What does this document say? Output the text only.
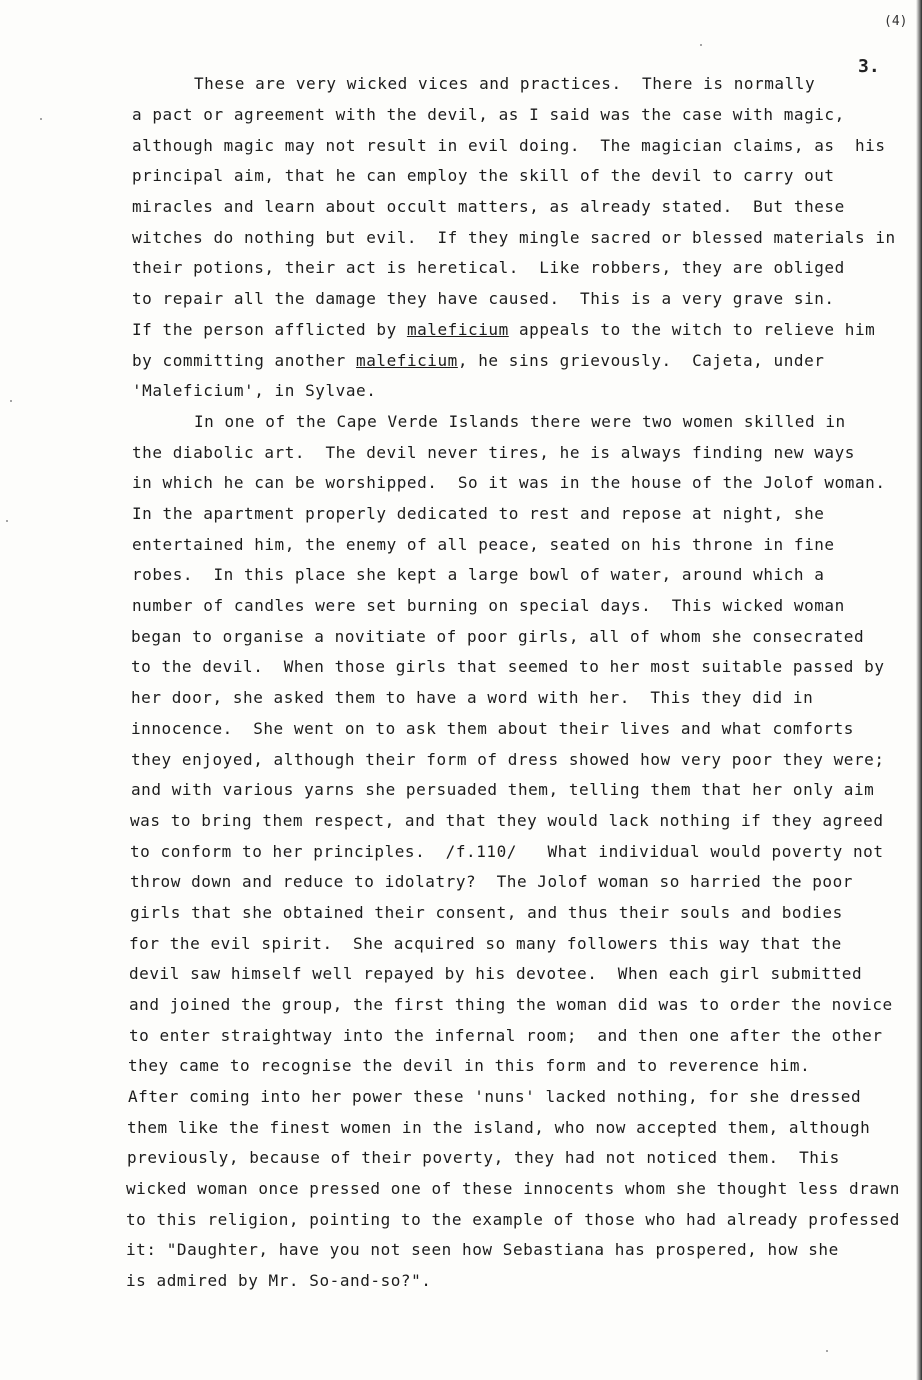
(4)
3.
These are very wicked vices and practices.  There is normally
a pact or agreement with the devil, as I said was the case with magic,
although magic may not result in evil doing.  The magician claims, as  his
principal aim, that he can employ the skill of the devil to carry out
miracles and learn about occult matters, as already stated.  But these
witches do nothing but evil.  If they mingle sacred or blessed materials in
their potions, their act is heretical.  Like robbers, they are obliged
to repair all the damage they have caused.  This is a very grave sin.
If the person afflicted by maleficium appeals to the witch to relieve him
by committing another maleficium, he sins grievously.  Cajeta, under
'Maleficium', in Sylvae.
In one of the Cape Verde Islands there were two women skilled in
the diabolic art.  The devil never tires, he is always finding new ways
in which he can be worshipped.  So it was in the house of the Jolof woman.
In the apartment properly dedicated to rest and repose at night, she
entertained him, the enemy of all peace, seated on his throne in fine
robes.  In this place she kept a large bowl of water, around which a
number of candles were set burning on special days.  This wicked woman
began to organise a novitiate of poor girls, all of whom she consecrated
to the devil.  When those girls that seemed to her most suitable passed by
her door, she asked them to have a word with her.  This they did in
innocence.  She went on to ask them about their lives and what comforts
they enjoyed, although their form of dress showed how very poor they were;
and with various yarns she persuaded them, telling them that her only aim
was to bring them respect, and that they would lack nothing if they agreed
to conform to her principles.  /f.110/   What individual would poverty not
throw down and reduce to idolatry?  The Jolof woman so harried the poor
girls that she obtained their consent, and thus their souls and bodies
for the evil spirit.  She acquired so many followers this way that the
devil saw himself well repayed by his devotee.  When each girl submitted
and joined the group, the first thing the woman did was to order the novice
to enter straightway into the infernal room;  and then one after the other
they came to recognise the devil in this form and to reverence him.
After coming into her power these 'nuns' lacked nothing, for she dressed
them like the finest women in the island, who now accepted them, although
previously, because of their poverty, they had not noticed them.  This
wicked woman once pressed one of these innocents whom she thought less drawn
to this religion, pointing to the example of those who had already professed
it: "Daughter, have you not seen how Sebastiana has prospered, how she
is admired by Mr. So-and-so?".
